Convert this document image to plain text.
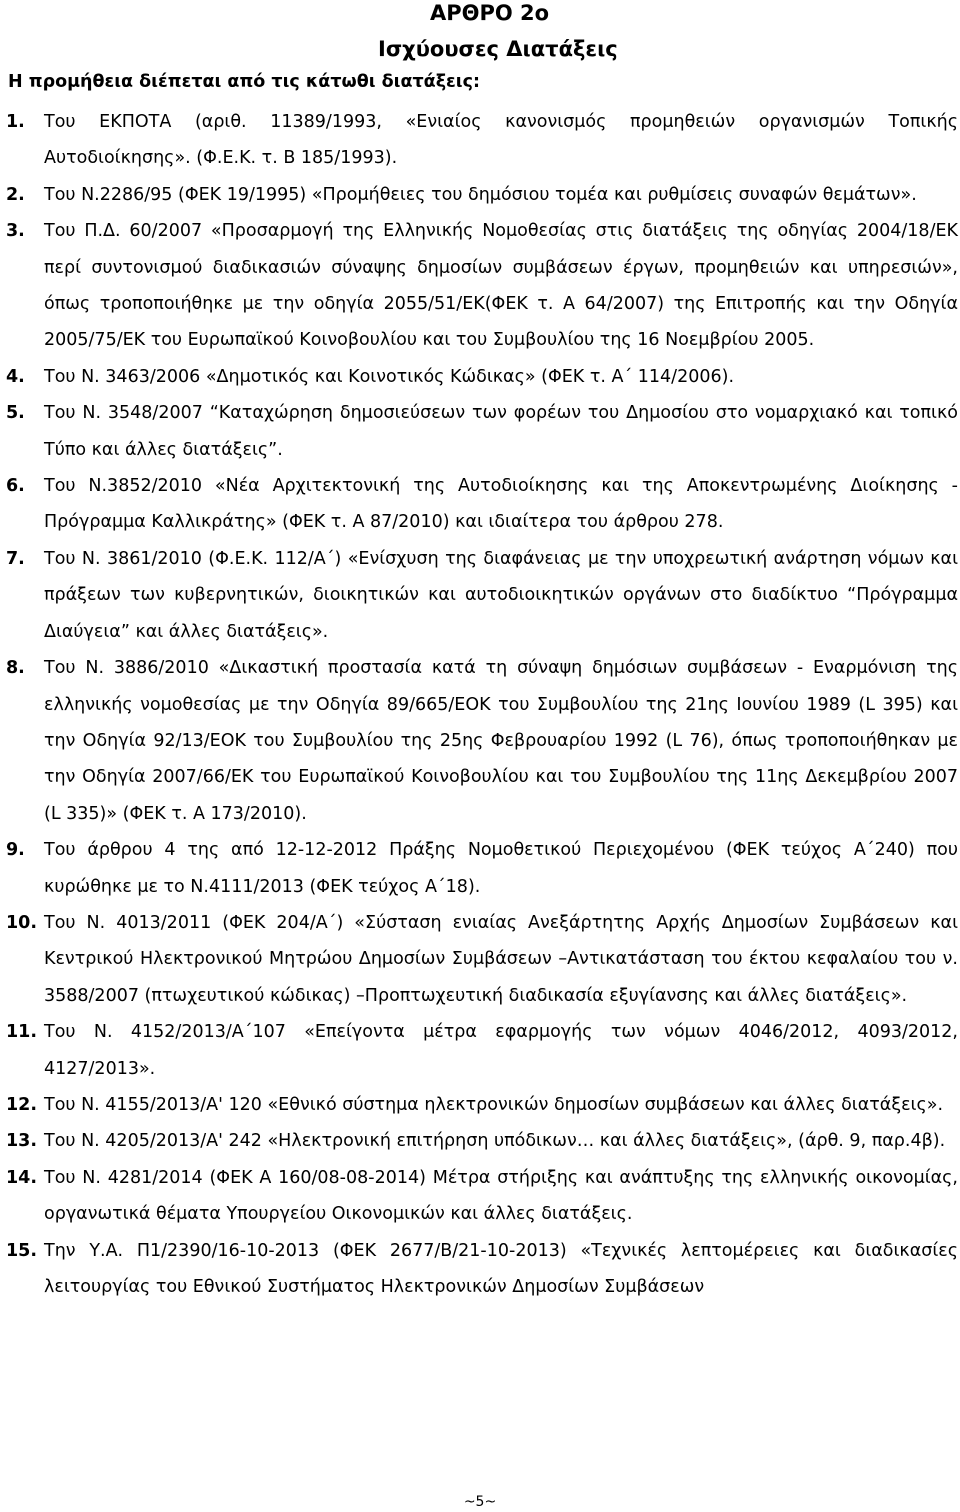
ΑΡΘΡΟ 2ο
Ισχύουσες Διατάξεις
Η προμήθεια διέπεται από τις κάτωθι διατάξεις:
1.	Του ΕΚΠΟΤΑ (αριθ. 11389/1993, «Ενιαίος κανονισμός προμηθειών οργανισμών Τοπικής Αυτοδιοίκησης». (Φ.Ε.Κ. τ. Β 185/1993).
2.	Του Ν.2286/95 (ΦΕΚ 19/1995) «Προμήθειες του δημόσιου τομέα και ρυθμίσεις συναφών θεμάτων».
3.	Του Π.Δ. 60/2007 «Προσαρμογή της Ελληνικής Νομοθεσίας στις διατάξεις της οδηγίας 2004/18/ΕΚ περί συντονισμού διαδικασιών σύναψης δημοσίων συμβάσεων έργων, προμηθειών και υπηρεσιών», όπως τροποποιήθηκε με την οδηγία 2055/51/ΕΚ(ΦΕΚ τ. Α 64/2007) της Επιτροπής και την Οδηγία 2005/75/ΕΚ του Ευρωπαϊκού Κοινοβουλίου και του Συμβουλίου της 16 Νοεμβρίου 2005.
4.	Του Ν. 3463/2006 «Δημοτικός και Κοινοτικός Κώδικας» (ΦΕΚ τ. Α΄ 114/2006).
5.	Του Ν. 3548/2007 “Καταχώρηση δημοσιεύσεων των φορέων του Δημοσίου στο νομαρχιακό και τοπικό Τύπο και άλλες διατάξεις”.
6.	Του Ν.3852/2010 «Νέα Αρχιτεκτονική της Αυτοδιοίκησης και της Αποκεντρωμένης Διοίκησης - Πρόγραμμα Καλλικράτης» (ΦΕΚ τ. Α 87/2010) και ιδιαίτερα του άρθρου 278.
7.	Του Ν. 3861/2010 (Φ.Ε.Κ. 112/Α΄) «Ενίσχυση της διαφάνειας με την υποχρεωτική ανάρτηση νόμων και πράξεων των κυβερνητικών, διοικητικών και αυτοδιοικητικών οργάνων στο διαδίκτυο “Πρόγραμμα Διαύγεια” και άλλες διατάξεις».
8.	Του Ν. 3886/2010 «Δικαστική προστασία κατά τη σύναψη δημόσιων συμβάσεων - Εναρμόνιση της ελληνικής νομοθεσίας με την Οδηγία 89/665/ΕΟΚ του Συμβουλίου της 21ης Ιουνίου 1989 (L 395) και την Οδηγία 92/13/ΕΟΚ του Συμβουλίου της 25ης Φεβρουαρίου 1992 (L 76), όπως τροποποιήθηκαν με την Οδηγία 2007/66/ΕΚ του Ευρωπαϊκού Κοινοβουλίου και του Συμβουλίου της 11ης Δεκεμβρίου 2007 (L 335)» (ΦΕΚ τ. Α 173/2010).
9.	Του άρθρου 4 της από 12-12-2012 Πράξης Νομοθετικού Περιεχομένου (ΦΕΚ τεύχος Α΄240) που κυρώθηκε με το Ν.4111/2013 (ΦΕΚ τεύχος Α΄18).
10. Του Ν. 4013/2011 (ΦΕΚ 204/Α΄) «Σύσταση ενιαίας Ανεξάρτητης Αρχής Δημοσίων Συμβάσεων και Κεντρικού Ηλεκτρονικού Μητρώου Δημοσίων Συμβάσεων –Αντικατάσταση του έκτου κεφαλαίου του ν. 3588/2007 (πτωχευτικού κώδικας) –Προπτωχευτική διαδικασία εξυγίανσης και άλλες διατάξεις».
11. Του Ν. 4152/2013/Α΄107 «Επείγοντα μέτρα εφαρμογής των νόμων 4046/2012, 4093/2012, 4127/2013».
12. Του Ν. 4155/2013/Α' 120 «Εθνικό σύστημα ηλεκτρονικών δημοσίων συμβάσεων και άλλες διατάξεις».
13. Του Ν. 4205/2013/Α' 242 «Ηλεκτρονική επιτήρηση υπόδικων… και άλλες διατάξεις», (άρθ. 9, παρ.4β).
14. Του Ν. 4281/2014 (ΦΕΚ Α 160/08-08-2014) Μέτρα στήριξης και ανάπτυξης της ελληνικής οικονομίας, οργανωτικά θέματα Υπουργείου Οικονομικών και άλλες διατάξεις.
15. Την Υ.Α. Π1/2390/16-10-2013 (ΦΕΚ 2677/Β/21-10-2013) «Τεχνικές λεπτομέρειες και διαδικασίες λειτουργίας του Εθνικού Συστήματος Ηλεκτρονικών Δημοσίων Συμβάσεων
~5~
